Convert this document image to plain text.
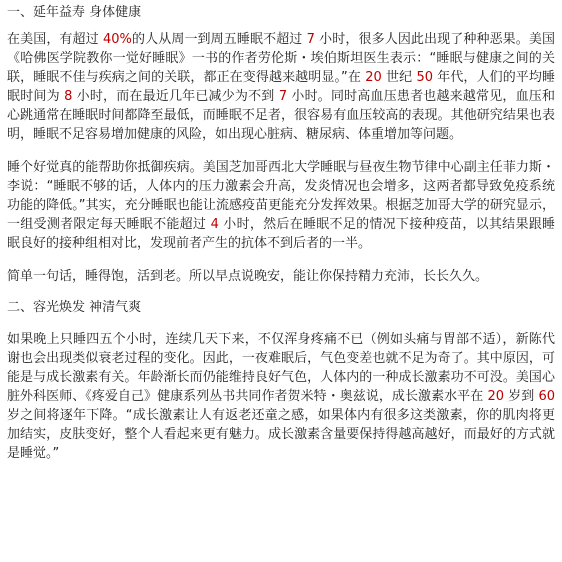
一、延年益寿 身体健康

在美国，有超过 40%的人从周一到周五睡眠不超过 7 小时，很多人因此出现了种种恶果。美国《哈佛医学院教你一觉好睡眠》一书的作者劳伦斯・埃伯斯坦医生表示：“睡眠与健康之间的关联，睡眠不佳与疾病之间的关联，都正在变得越来越明显。”在 20 世纪 50 年代，人们的平均睡眠时间为 8 小时，而在最近几年已减少为不到 7 小时。同时高血压患者也越来越常见，血压和心跳通常在睡眠时间都降至最低，而睡眠不足者，很容易有血压较高的表现。其他研究结果也表明，睡眠不足容易增加健康的风险，如出现心脏病、糖尿病、体重增加等问题。

睡个好觉真的能帮助你抵御疾病。美国芝加哥西北大学睡眠与昼夜生物节律中心副主任菲力斯・李说：“睡眠不够的话，人体内的压力激素会升高，发炎情况也会增多，这两者都导致免疫系统功能的降低。”其实，充分睡眠也能让流感疫苗更能充分发挥效果。根据芝加哥大学的研究显示，一组受测者限定每天睡眠不能超过 4 小时，然后在睡眠不足的情况下接种疫苗，以其结果跟睡眠良好的接种组相对比，发现前者产生的抗体不到后者的一半。

简单一句话，睡得饱，活到老。所以早点说晚安，能让你保持精力充沛，长长久久。

二、容光焕发 神清气爽

如果晚上只睡四五个小时，连续几天下来，不仅浑身疼痛不已（例如头痛与胃部不适），新陈代谢也会出现类似衰老过程的变化。因此，一夜难眠后，气色变差也就不足为奇了。其中原因，可能是与成长激素有关。年龄渐长而仍能维持良好气色，人体内的一种成长激素功不可没。美国心脏外科医师、《疼爱自己》健康系列丛书共同作者贺米特・奥兹说，成长激素水平在 20 岁到 60 岁之间将逐年下降。“成长激素让人有返老还童之感，如果体内有很多这类激素，你的肌肉将更加结实，皮肤变好，整个人看起来更有魅力。成长激素含量要保持得越高越好，而最好的方式就是睡觉。”
